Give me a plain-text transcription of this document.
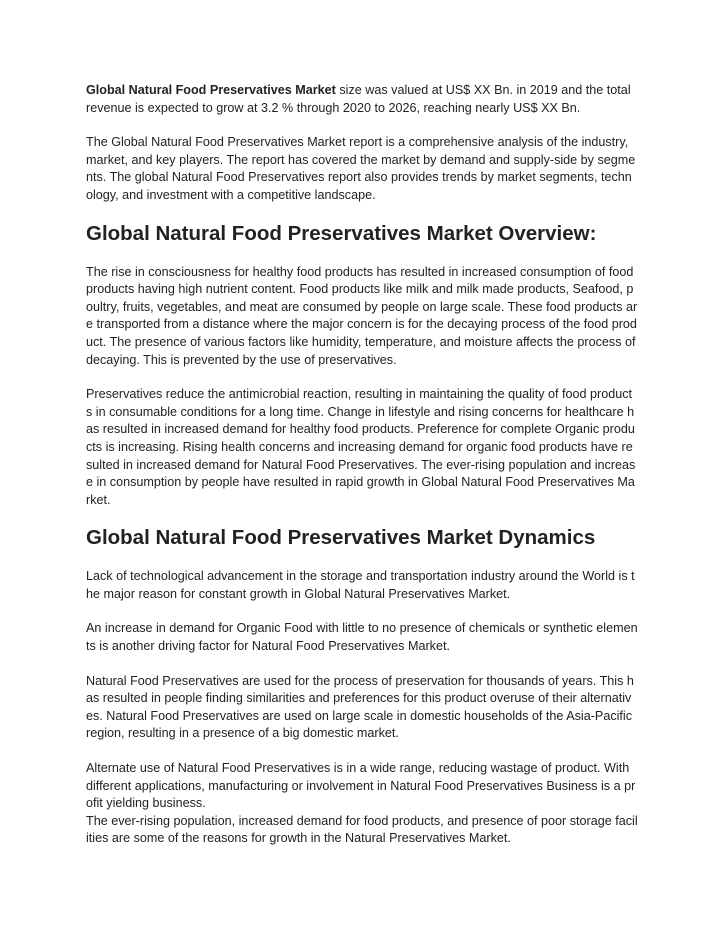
Global Natural Food Preservatives Market size was valued at US$ XX Bn. in 2019 and the total revenue is expected to grow at 3.2 % through 2020 to 2026, reaching nearly US$ XX Bn.

The Global Natural Food Preservatives Market report is a comprehensive analysis of the industry, market, and key players. The report has covered the market by demand and supply-side by segments. The global Natural Food Preservatives report also provides trends by market segments, technology, and investment with a competitive landscape.

Global Natural Food Preservatives Market Overview:

The rise in consciousness for healthy food products has resulted in increased consumption of food products having high nutrient content. Food products like milk and milk made products, Seafood, poultry, fruits, vegetables, and meat are consumed by people on large scale. These food products are transported from a distance where the major concern is for the decaying process of the food product. The presence of various factors like humidity, temperature, and moisture affects the process of decaying. This is prevented by the use of preservatives.

Preservatives reduce the antimicrobial reaction, resulting in maintaining the quality of food products in consumable conditions for a long time. Change in lifestyle and rising concerns for healthcare has resulted in increased demand for healthy food products. Preference for complete Organic products is increasing. Rising health concerns and increasing demand for organic food products have resulted in increased demand for Natural Food Preservatives. The ever-rising population and increase in consumption by people have resulted in rapid growth in Global Natural Food Preservatives Market.

Global Natural Food Preservatives Market Dynamics

Lack of technological advancement in the storage and transportation industry around the World is the major reason for constant growth in Global Natural Preservatives Market.

An increase in demand for Organic Food with little to no presence of chemicals or synthetic elements is another driving factor for Natural Food Preservatives Market.

Natural Food Preservatives are used for the process of preservation for thousands of years. This has resulted in people finding similarities and preferences for this product overuse of their alternatives. Natural Food Preservatives are used on large scale in domestic households of the Asia-Pacific region, resulting in a presence of a big domestic market.

Alternate use of Natural Food Preservatives is in a wide range, reducing wastage of product. With different applications, manufacturing or involvement in Natural Food Preservatives Business is a profit yielding business.

The ever-rising population, increased demand for food products, and presence of poor storage facilities are some of the reasons for growth in the Natural Preservatives Market.
